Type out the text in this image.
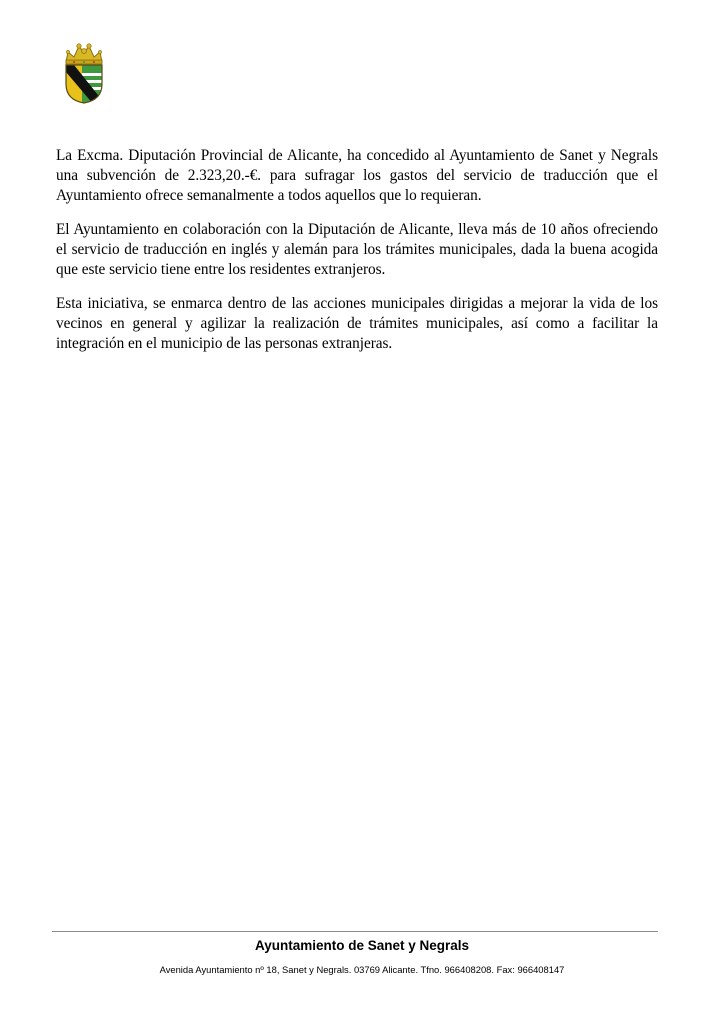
La Excma. Diputación Provincial de Alicante, ha concedido al Ayuntamiento de Sanet y Negrals una subvención de 2.323,20.-€. para sufragar los gastos del servicio de traducción que el Ayuntamiento ofrece semanalmente a todos aquellos que lo requieran.

El Ayuntamiento en colaboración con la Diputación de Alicante, lleva más de 10 años ofreciendo el servicio de traducción en inglés y alemán para los trámites municipales, dada la buena acogida que este servicio tiene entre los residentes extranjeros.

Esta iniciativa, se enmarca dentro de las acciones municipales dirigidas a mejorar la vida de los vecinos en general y agilizar la realización de trámites municipales, así como a facilitar la integración en el municipio de las personas extranjeras.

Ayuntamiento de Sanet y Negrals
Avenida Ayuntamiento nº 18, Sanet y Negrals. 03769 Alicante. Tfno. 966408208. Fax: 966408147
